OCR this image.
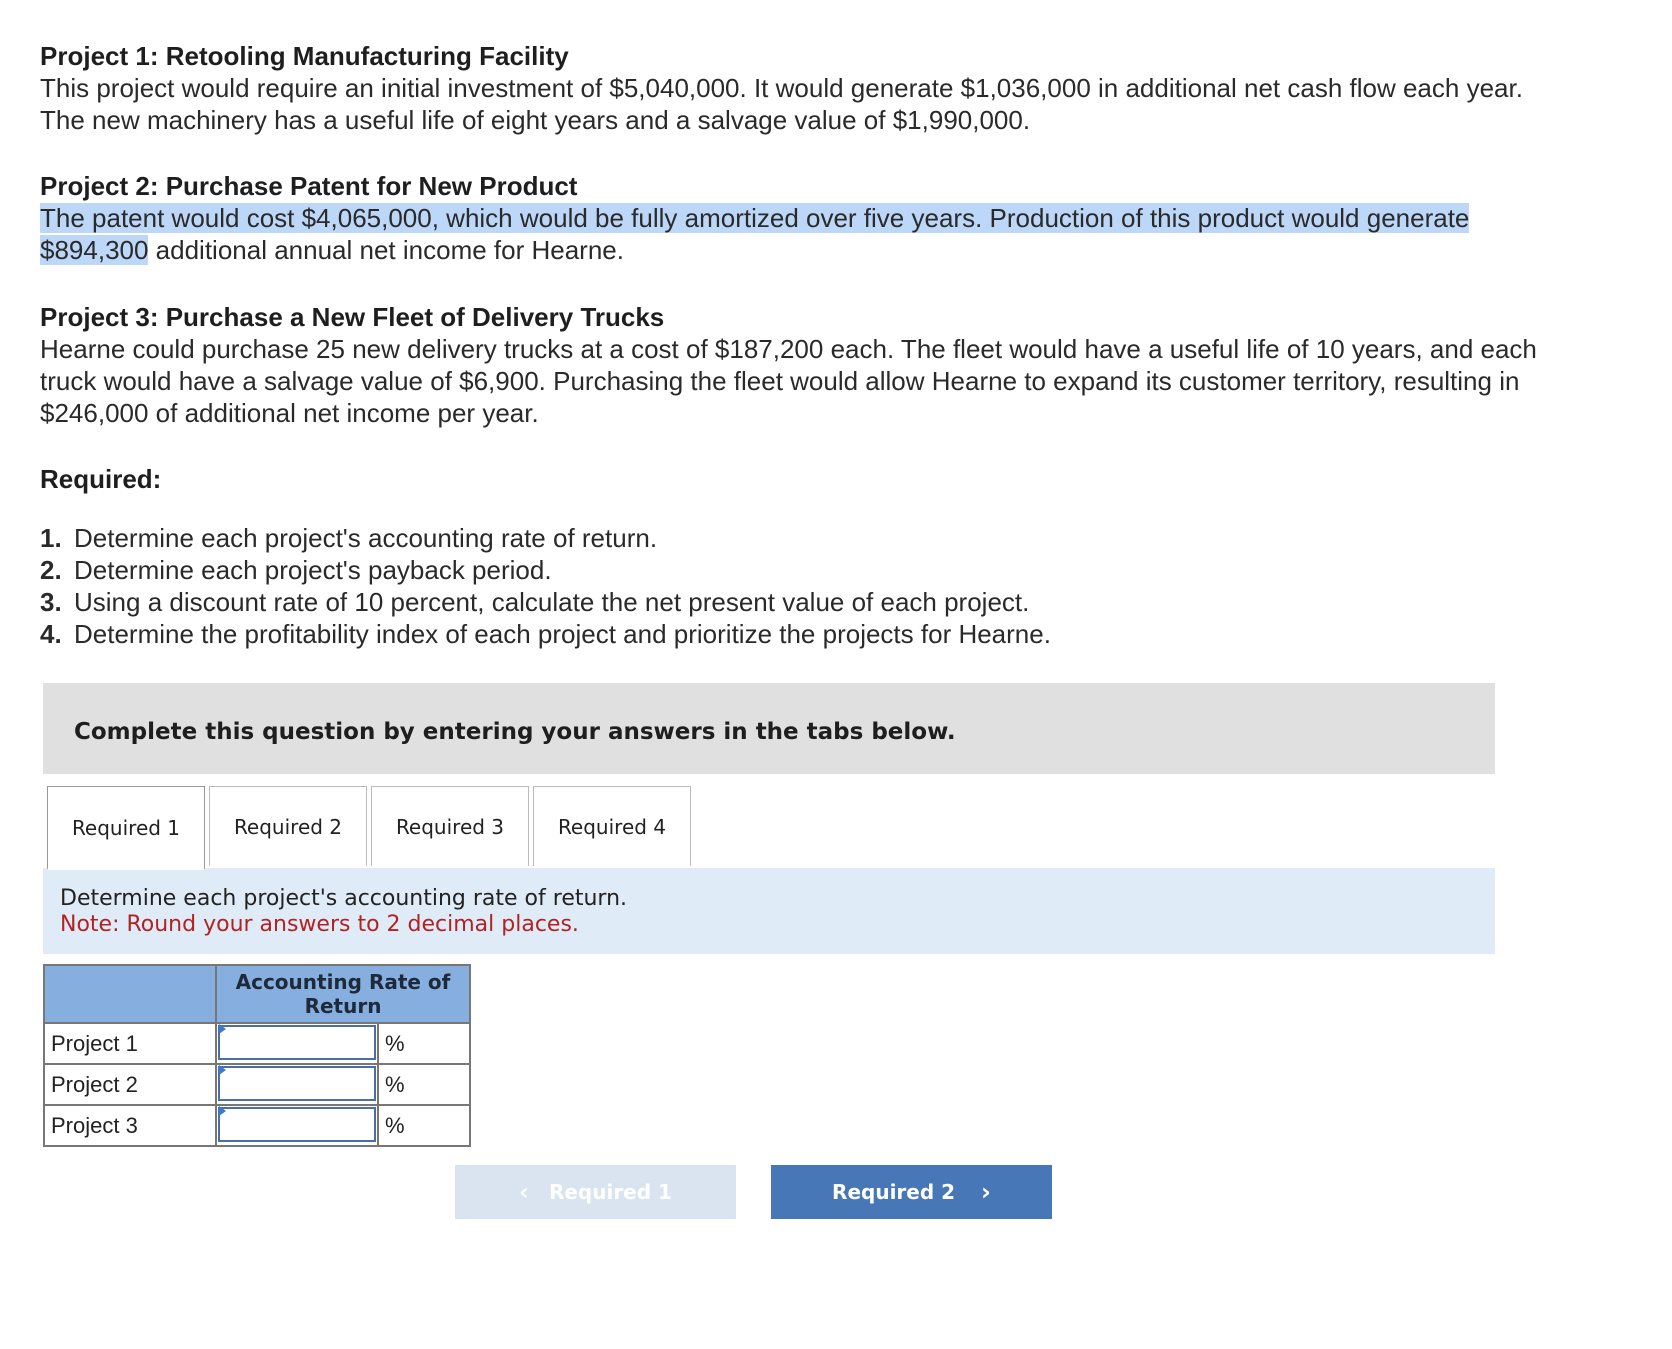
Project 1: Retooling Manufacturing Facility

This project would require an initial investment of $5,040,000. It would generate $1,036,000 in additional net cash flow each year.

The new machinery has a useful life of eight years and a salvage value of $1,990,000.

Project 2: Purchase Patent for New Product

The patent would cost $4,065,000, which would be fully amortized over five years. Production of this product would generate

$894,300 additional annual net income for Hearne.

Project 3: Purchase a New Fleet of Delivery Trucks

Hearne could purchase 25 new delivery trucks at a cost of $187,200 each. The fleet would have a useful life of 10 years, and each

truck would have a salvage value of $6,900. Purchasing the fleet would allow Hearne to expand its customer territory, resulting in

$246,000 of additional net income per year.

Required:
1. Determine each project's accounting rate of return.
2. Determine each project's payback period.
3. Using a discount rate of 10 percent, calculate the net present value of each project.
4. Determine the profitability index of each project and prioritize the projects for Hearne.
Complete this question by entering your answers in the tabs below.
Required 1	Required 2	Required 3	Required 4
Determine each project's accounting rate of return.
Note: Round your answers to 2 decimal places.
	Accounting Rate of Return	
Project 1		%
Project 2		%
Project 3		%
‹ Required 1	Required 2 ›
